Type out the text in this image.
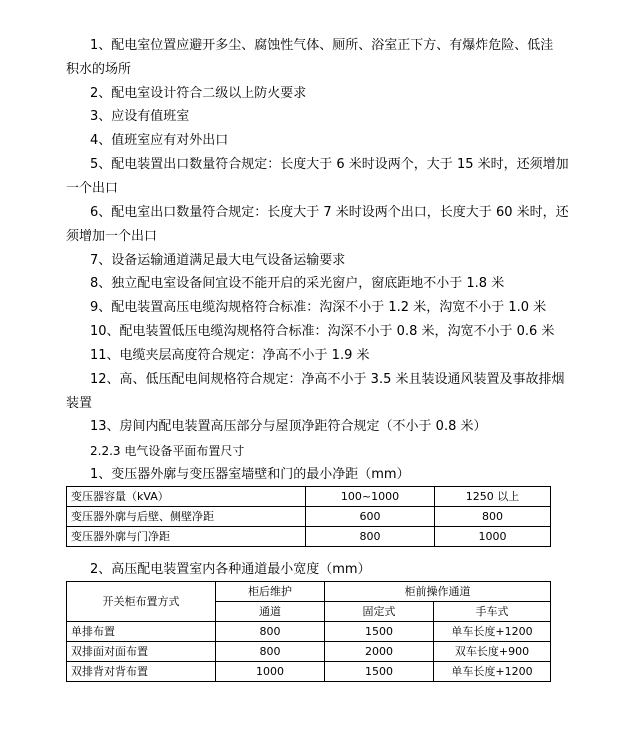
1、配电室位置应避开多尘、腐蚀性气体、厕所、浴室正下方、有爆炸危险、低洼
积水的场所
2、配电室设计符合二级以上防火要求
3、应设有值班室
4、值班室应有对外出口
5、配电装置出口数量符合规定：长度大于 6 米时设两个，大于 15 米时，还须增加
一个出口
6、配电室出口数量符合规定：长度大于 7 米时设两个出口，长度大于 60 米时，还
须增加一个出口
7、设备运输通道满足最大电气设备运输要求
8、独立配电室设备间宜设不能开启的采光窗户，窗底距地不小于 1.8 米
9、配电装置高压电缆沟规格符合标准：沟深不小于 1.2 米，沟宽不小于 1.0 米
10、配电装置低压电缆沟规格符合标准：沟深不小于 0.8 米，沟宽不小于 0.6 米
11、电缆夹层高度符合规定：净高不小于 1.9 米
12、高、低压配电间规格符合规定：净高不小于 3.5 米且装设通风装置及事故排烟
装置
13、房间内配电装置高压部分与屋顶净距符合规定（不小于 0.8 米）
2.2.3 电气设备平面布置尺寸
1、变压器外廓与变压器室墙壁和门的最小净距（mm）
变压器容量（kVA）	100~1000	1250 以上
变压器外廓与后壁、侧壁净距	600	800
变压器外廓与门净距	800	1000
2、高压配电装置室内各种通道最小宽度（mm）
开关柜布置方式	柜后维护	柜前操作通道	
	通道	固定式	手车式
单排布置	800	1500	单车长度+1200
双排面对面布置	800	2000	双车长度+900
双排背对背布置	1000	1500	单车长度+1200
